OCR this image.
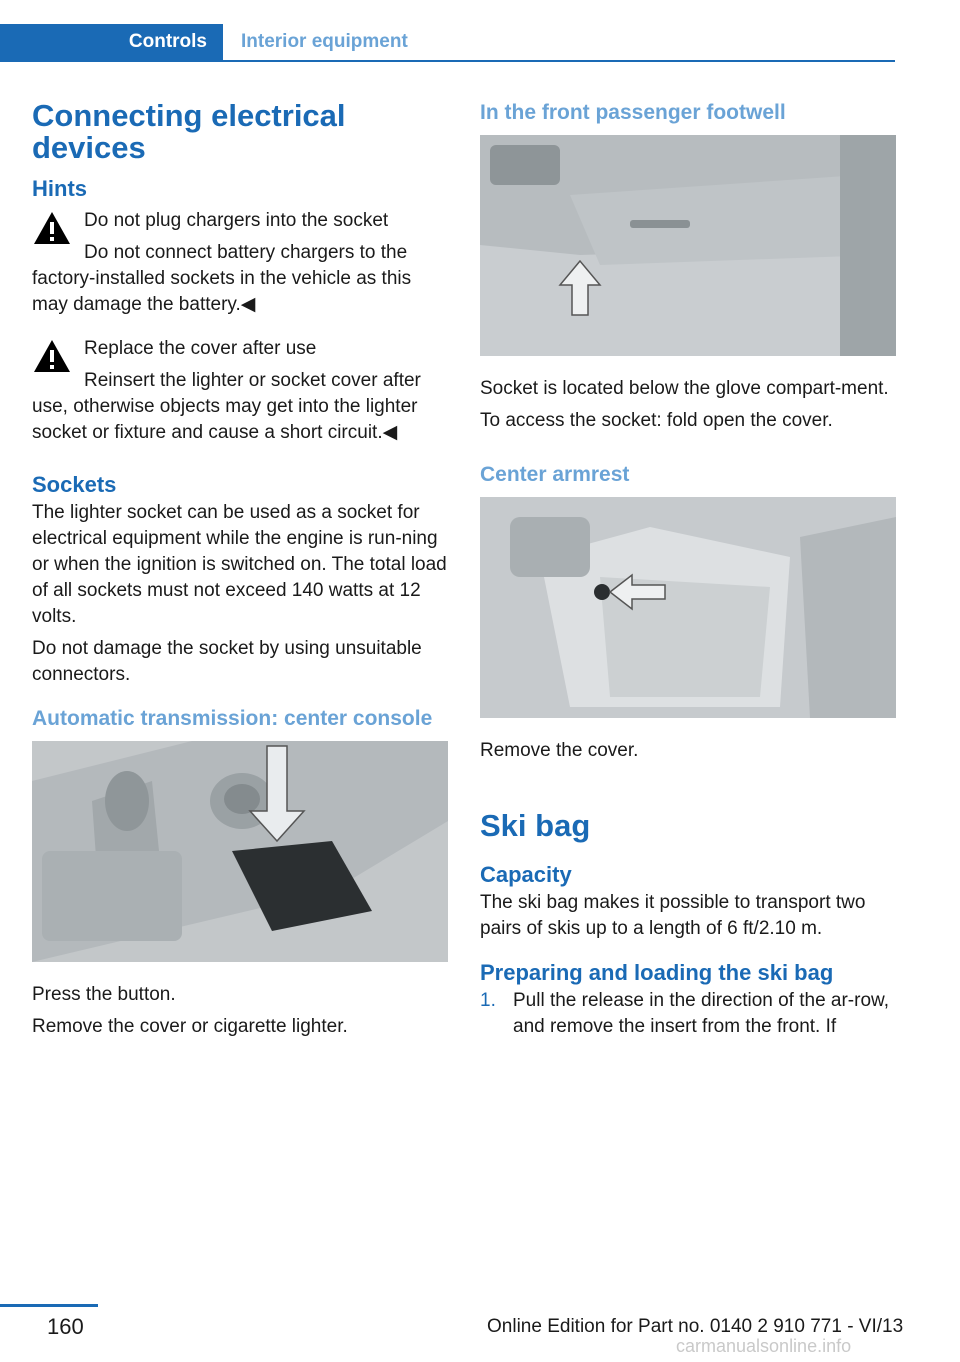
Controls	Interior equipment
Connecting electrical devices
Hints

Do not plug chargers into the socket

Do not connect battery chargers to the factory-installed sockets in the vehicle as this may damage the battery.◀

Replace the cover after use

Reinsert the lighter or socket cover after use, otherwise objects may get into the lighter socket or fixture and cause a short circuit.◀

Sockets

The lighter socket can be used as a socket for electrical equipment while the engine is run‐ning or when the ignition is switched on. The total load of all sockets must not exceed 140 watts at 12 volts.

Do not damage the socket by using unsuitable connectors.

Automatic transmission: center console

Press the button.

Remove the cover or cigarette lighter.

In the front passenger footwell

Socket is located below the glove compart‐ment.

To access the socket: fold open the cover.

Center armrest

Remove the cover.

Ski bag
Capacity

The ski bag makes it possible to transport two pairs of skis up to a length of 6 ft/2.10 m.

Preparing and loading the ski bag
1. Pull the release in the direction of the ar‐row, and remove the insert from the front. If
160	Online Edition for Part no. 0140 2 910 771 - VI/13
carmanualsonline.info
